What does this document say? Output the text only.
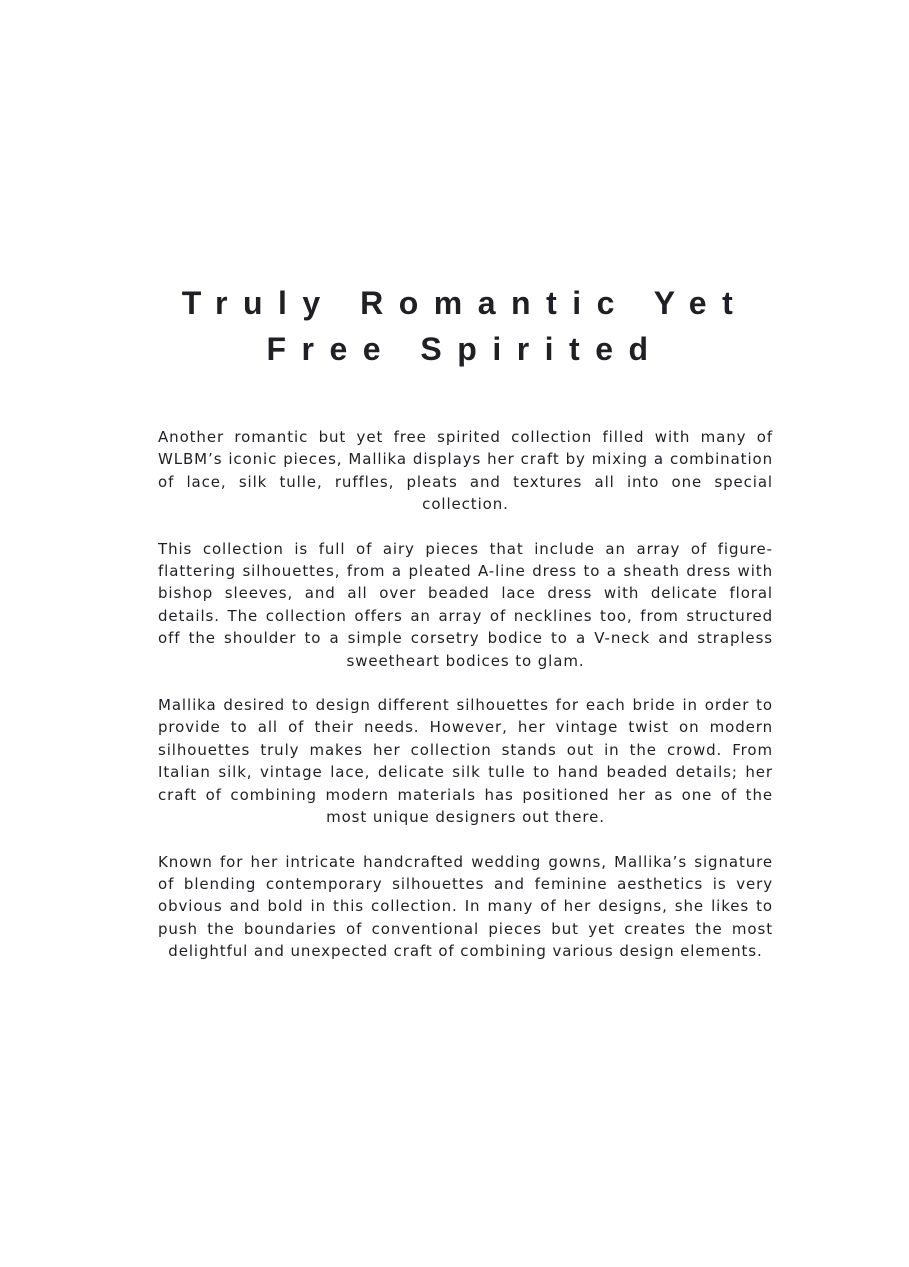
Truly Romantic Yet
Free Spirited

Another romantic but yet free spirited collection filled with many of WLBM’s iconic pieces, Mallika displays her craft by mixing a combination of lace, silk tulle, ruffles, pleats and textures all into one special collection.

This collection is full of airy pieces that include an array of figure-flattering silhouettes, from a pleated A-line dress to a sheath dress with bishop sleeves, and all over beaded lace dress with delicate floral details. The collection offers an array of necklines too, from structured off the shoulder to a simple corsetry bodice to a V-neck and strapless sweetheart bodices to glam.

Mallika desired to design different silhouettes for each bride in order to provide to all of their needs. However, her vintage twist on modern silhouettes truly makes her collection stands out in the crowd. From Italian silk, vintage lace, delicate silk tulle to hand beaded details; her craft of combining modern materials has positioned her as one of the most unique designers out there.

Known for her intricate handcrafted wedding gowns, Mallika’s signature of blending contemporary silhouettes and feminine aesthetics is very obvious and bold in this collection. In many of her designs, she likes to push the boundaries of conventional pieces but yet creates the most delightful and unexpected craft of combining various design elements.
